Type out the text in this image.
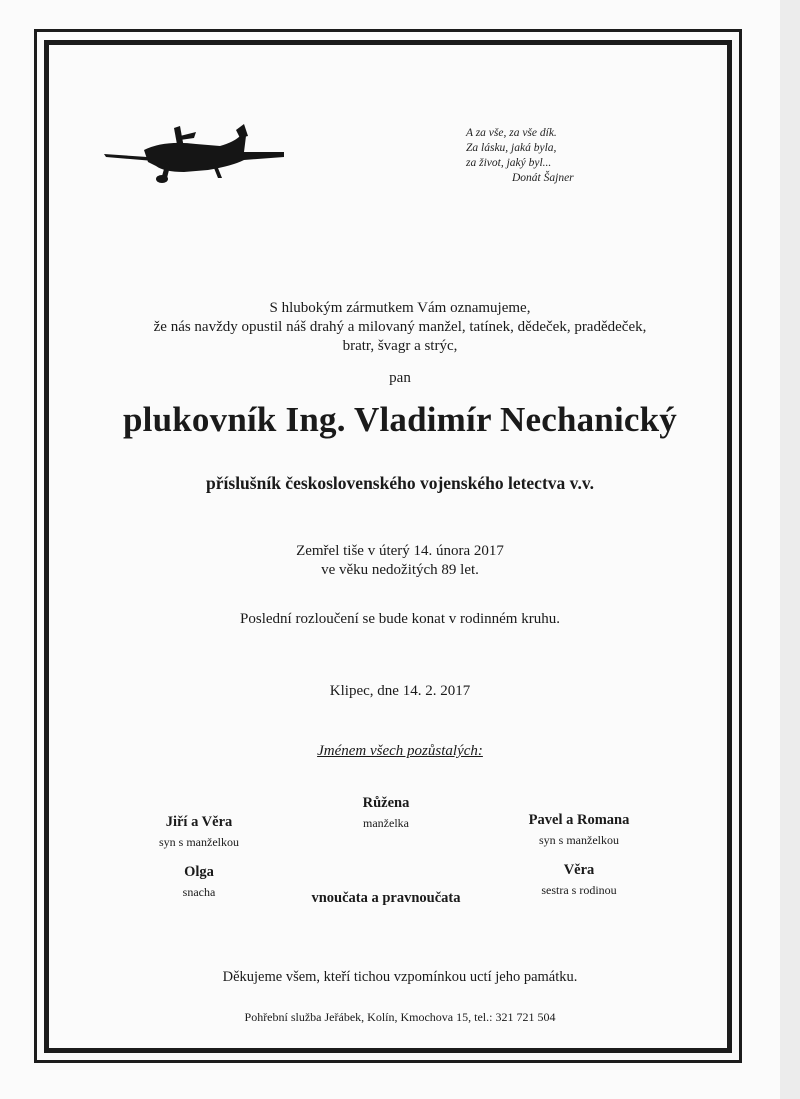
A za vše, za vše dík.
Za lásku, jaká byla,
za život, jaký byl...
Donát Šajner
S hlubokým zármutkem Vám oznamujeme,
že nás navždy opustil náš drahý a milovaný manžel, tatínek, dědeček, pradědeček,
bratr, švagr a strýc,
pan
plukovník Ing. Vladimír Nechanický
příslušník československého vojenského letectva v.v.
Zemřel tiše v úterý 14. února 2017
ve věku nedožitých 89 let.
Poslední rozloučení se bude konat v rodinném kruhu.
Klipec, dne 14. 2. 2017
Jménem všech pozůstalých:
Jiří a Věra
syn s manželkou
Růžena
manželka	Pavel a Romana
syn s manželkou
Olga
snacha	vnoučata a pravnoučata
Věra
sestra s rodinou
Děkujeme všem, kteří tichou vzpomínkou uctí jeho památku.
Pohřební služba Jeřábek, Kolín, Kmochova 15, tel.: 321 721 504
